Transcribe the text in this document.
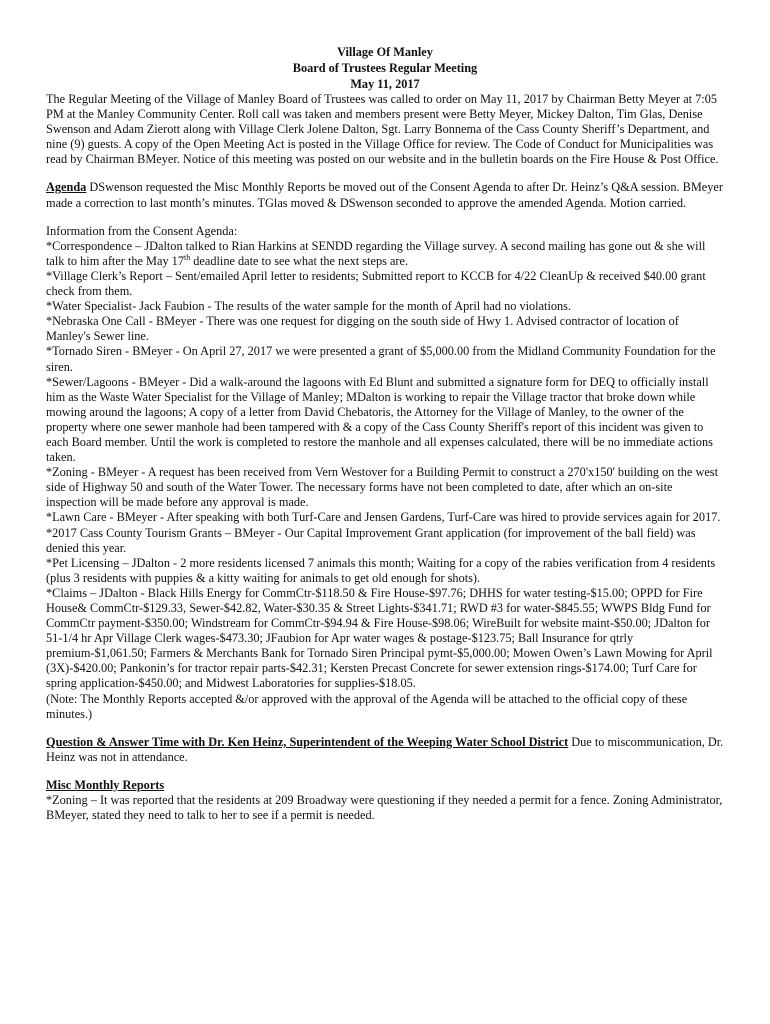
Village Of Manley
Board of Trustees Regular Meeting
May 11, 2017

The Regular Meeting of the Village of Manley Board of Trustees was called to order on May 11, 2017 by Chairman Betty Meyer at 7:05 PM at the Manley Community Center. Roll call was taken and members present were Betty Meyer, Mickey Dalton, Tim Glas, Denise Swenson and Adam Zierott along with Village Clerk Jolene Dalton, Sgt. Larry Bonnema of the Cass County Sheriff’s Department, and nine (9) guests. A copy of the Open Meeting Act is posted in the Village Office for review. The Code of Conduct for Municipalities was read by Chairman BMeyer. Notice of this meeting was posted on our website and in the bulletin boards on the Fire House & Post Office.

Agenda DSwenson requested the Misc Monthly Reports be moved out of the Consent Agenda to after Dr. Heinz’s Q&A session. BMeyer made a correction to last month’s minutes. TGlas moved & DSwenson seconded to approve the amended Agenda. Motion carried.

Information from the Consent Agenda:

*Correspondence – JDalton talked to Rian Harkins at SENDD regarding the Village survey. A second mailing has gone out & she will talk to him after the May 17th deadline date to see what the next steps are.

*Village Clerk’s Report – Sent/emailed April letter to residents; Submitted report to KCCB for 4/22 CleanUp & received $40.00 grant check from them.

*Water Specialist- Jack Faubion - The results of the water sample for the month of April had no violations.

*Nebraska One Call - BMeyer - There was one request for digging on the south side of Hwy 1. Advised contractor of location of Manley's Sewer line.

*Tornado Siren - BMeyer - On April 27, 2017 we were presented a grant of $5,000.00 from the Midland Community Foundation for the siren.

*Sewer/Lagoons - BMeyer - Did a walk-around the lagoons with Ed Blunt and submitted a signature form for DEQ to officially install him as the Waste Water Specialist for the Village of Manley; MDalton is working to repair the Village tractor that broke down while mowing around the lagoons; A copy of a letter from David Chebatoris, the Attorney for the Village of Manley, to the owner of the property where one sewer manhole had been tampered with & a copy of the Cass County Sheriff's report of this incident was given to each Board member. Until the work is completed to restore the manhole and all expenses calculated, there will be no immediate actions taken.

*Zoning - BMeyer - A request has been received from Vern Westover for a Building Permit to construct a 270'x150' building on the west side of Highway 50 and south of the Water Tower. The necessary forms have not been completed to date, after which an on-site inspection will be made before any approval is made.

*Lawn Care - BMeyer - After speaking with both Turf-Care and Jensen Gardens, Turf-Care was hired to provide services again for 2017.

*2017 Cass County Tourism Grants – BMeyer - Our Capital Improvement Grant application (for improvement of the ball field) was denied this year.

*Pet Licensing – JDalton - 2 more residents licensed 7 animals this month; Waiting for a copy of the rabies verification from 4 residents (plus 3 residents with puppies & a kitty waiting for animals to get old enough for shots).

*Claims – JDalton - Black Hills Energy for CommCtr-$118.50 & Fire House-$97.76; DHHS for water testing-$15.00; OPPD for Fire House& CommCtr-$129.33, Sewer-$42.82, Water-$30.35 & Street Lights-$341.71; RWD #3 for water-$845.55; WWPS Bldg Fund for CommCtr payment-$350.00; Windstream for CommCtr-$94.94 & Fire House-$98.06; WireBuilt for website maint-$50.00; JDalton for 51-1/4 hr Apr Village Clerk wages-$473.30; JFaubion for Apr water wages & postage-$123.75; Ball Insurance for qtrly premium-$1,061.50; Farmers & Merchants Bank for Tornado Siren Principal pymt-$5,000.00; Mowen Owen’s Lawn Mowing for April (3X)-$420.00; Pankonin’s for tractor repair parts-$42.31; Kersten Precast Concrete for sewer extension rings-$174.00; Turf Care for spring application-$450.00; and Midwest Laboratories for supplies-$18.05.

(Note: The Monthly Reports accepted &/or approved with the approval of the Agenda will be attached to the official copy of these minutes.)

Question & Answer Time with Dr. Ken Heinz, Superintendent of the Weeping Water School District Due to miscommunication, Dr. Heinz was not in attendance.

Misc Monthly Reports

*Zoning – It was reported that the residents at 209 Broadway were questioning if they needed a permit for a fence. Zoning Administrator, BMeyer, stated they need to talk to her to see if a permit is needed.
